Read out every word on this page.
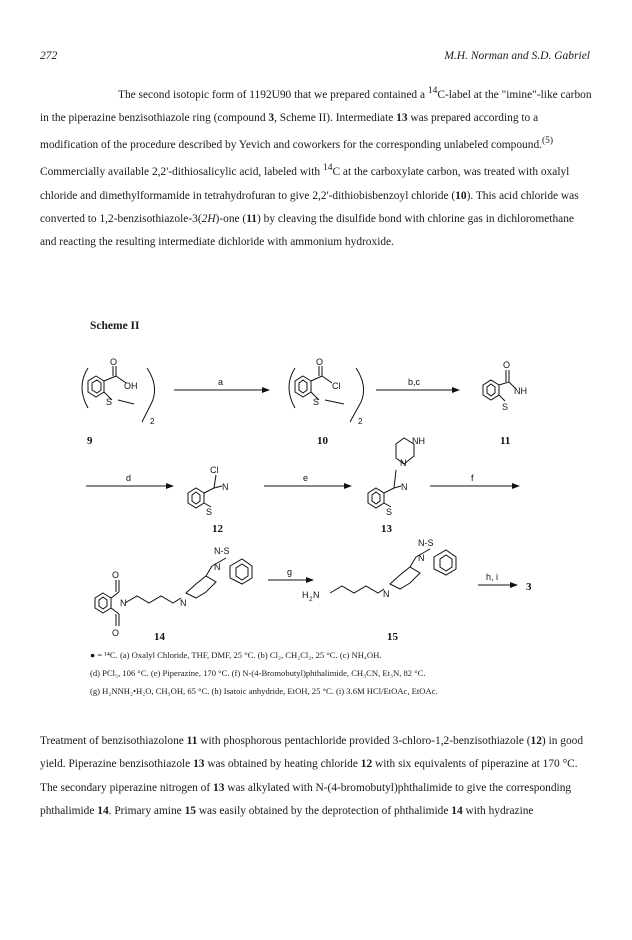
272	M.H. Norman and S.D. Gabriel

The second isotopic form of 1192U90 that we prepared contained a $^{14}$C-label at the "imine"-like carbon in the piperazine benzisothiazole ring (compound 3, Scheme II). Intermediate 13 was prepared according to a modification of the procedure described by Yevich and coworkers for the corresponding unlabeled compound.$^{(5)}$ Commercially available 2,2'-dithiosalicylic acid, labeled with $^{14}$C at the carboxylate carbon, was treated with oxalyl chloride and dimethylformamide in tetrahydrofuran to give 2,2'-dithiobisbenzoyl chloride (10). This acid chloride was converted to 1,2-benzisothiazole-3(2H)-one (11) by cleaving the disulfide bond with chlorine gas in dichloromethane and reacting the resulting intermediate dichloride with ammonium hydroxide.

Scheme II
O
OH
S
2
O
Cl
S
2
O
NH
S
Cl
N
S
NH
N
N
S
O
N
O
N
N
N-S
H 2 N	N
N
N-S
a	b,c
d	e	f
g	h, i
9	10	11
12	13
14	15
3
● = ¹⁴C. (a) Oxalyl Chloride, THF, DMF, 25 °C. (b) Cl₂, CH₂Cl₂, 25 °C. (c) NH₄OH.
(d) PCl₅, 106 °C. (e) Piperazine, 170 °C. (f) N-(4-Bromobutyl)phthalimide, CH₃CN, Et₃N, 82 °C.
(g) H₂NNH₂•H₂O, CH₃OH, 65 °C. (h) Isatoic anhydride, EtOH, 25 °C. (i) 3.6M HCl/EtOAc, EtOAc.

Treatment of benzisothiazolone 11 with phosphorous pentachloride provided 3-chloro-1,2-benzisothiazole (12) in good yield. Piperazine benzisothiazole 13 was obtained by heating chloride 12 with six equivalents of piperazine at 170 °C. The secondary piperazine nitrogen of 13 was alkylated with N-(4-bromobutyl)phthalimide to give the corresponding phthalimide 14. Primary amine 15 was easily obtained by the deprotection of phthalimide 14 with hydrazine
